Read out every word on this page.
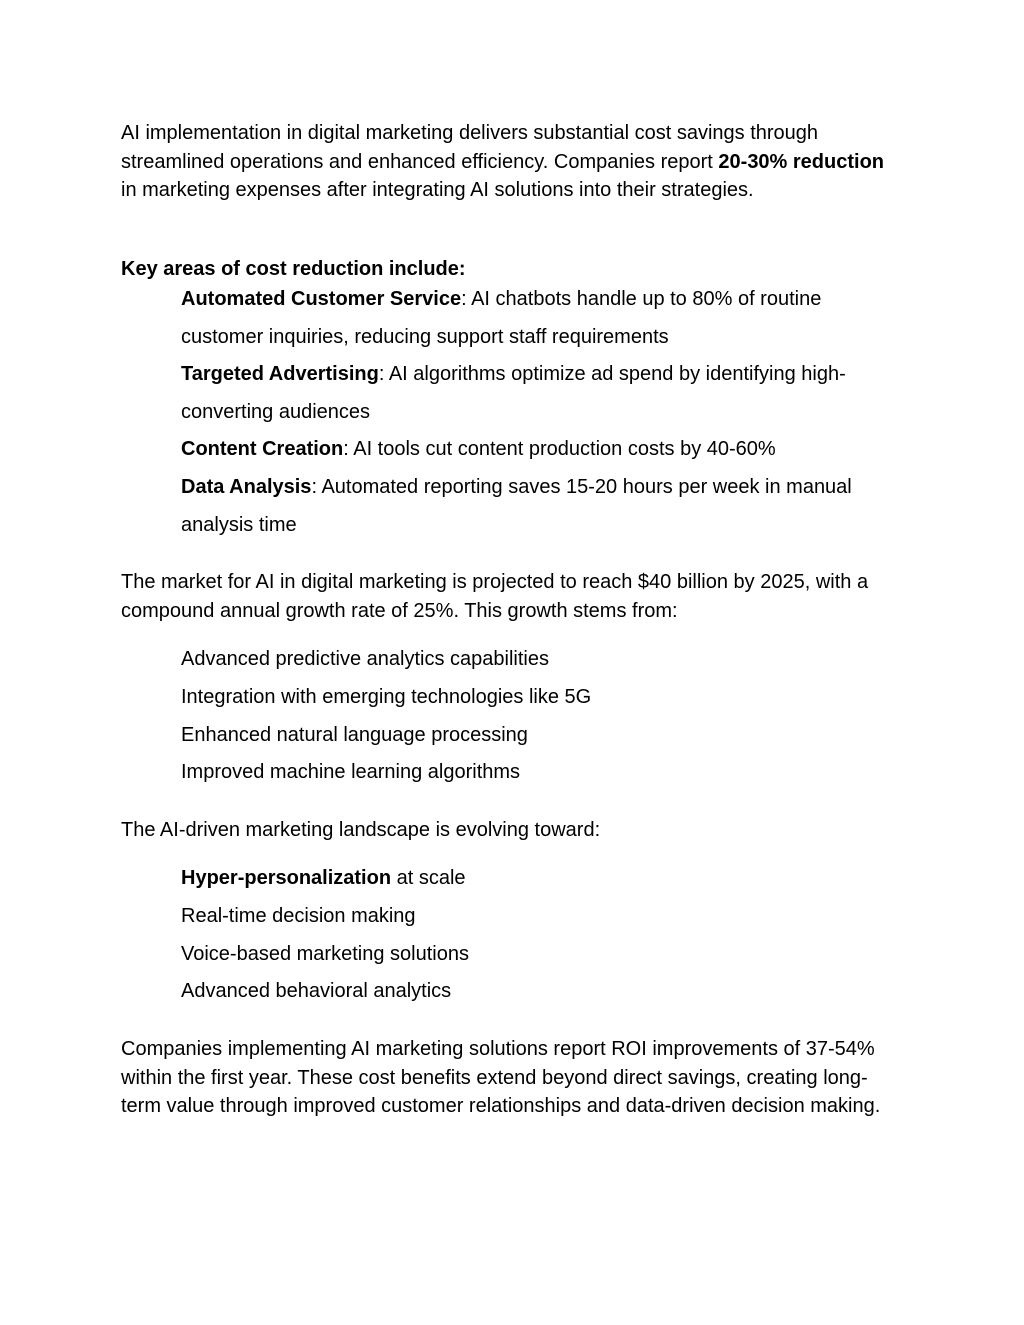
AI implementation in digital marketing delivers substantial cost savings through streamlined operations and enhanced efficiency. Companies report 20-30% reduction in marketing expenses after integrating AI solutions into their strategies.

Key areas of cost reduction include:

Automated Customer Service: AI chatbots handle up to 80% of routine customer inquiries, reducing support staff requirements
Targeted Advertising: AI algorithms optimize ad spend by identifying high-converting audiences
Content Creation: AI tools cut content production costs by 40-60%
Data Analysis: Automated reporting saves 15-20 hours per week in manual analysis time

The market for AI in digital marketing is projected to reach $40 billion by 2025, with a compound annual growth rate of 25%. This growth stems from:

Advanced predictive analytics capabilities
Integration with emerging technologies like 5G
Enhanced natural language processing
Improved machine learning algorithms

The AI-driven marketing landscape is evolving toward:

Hyper-personalization at scale
Real-time decision making
Voice-based marketing solutions
Advanced behavioral analytics

Companies implementing AI marketing solutions report ROI improvements of 37-54% within the first year. These cost benefits extend beyond direct savings, creating long-term value through improved customer relationships and data-driven decision making.
